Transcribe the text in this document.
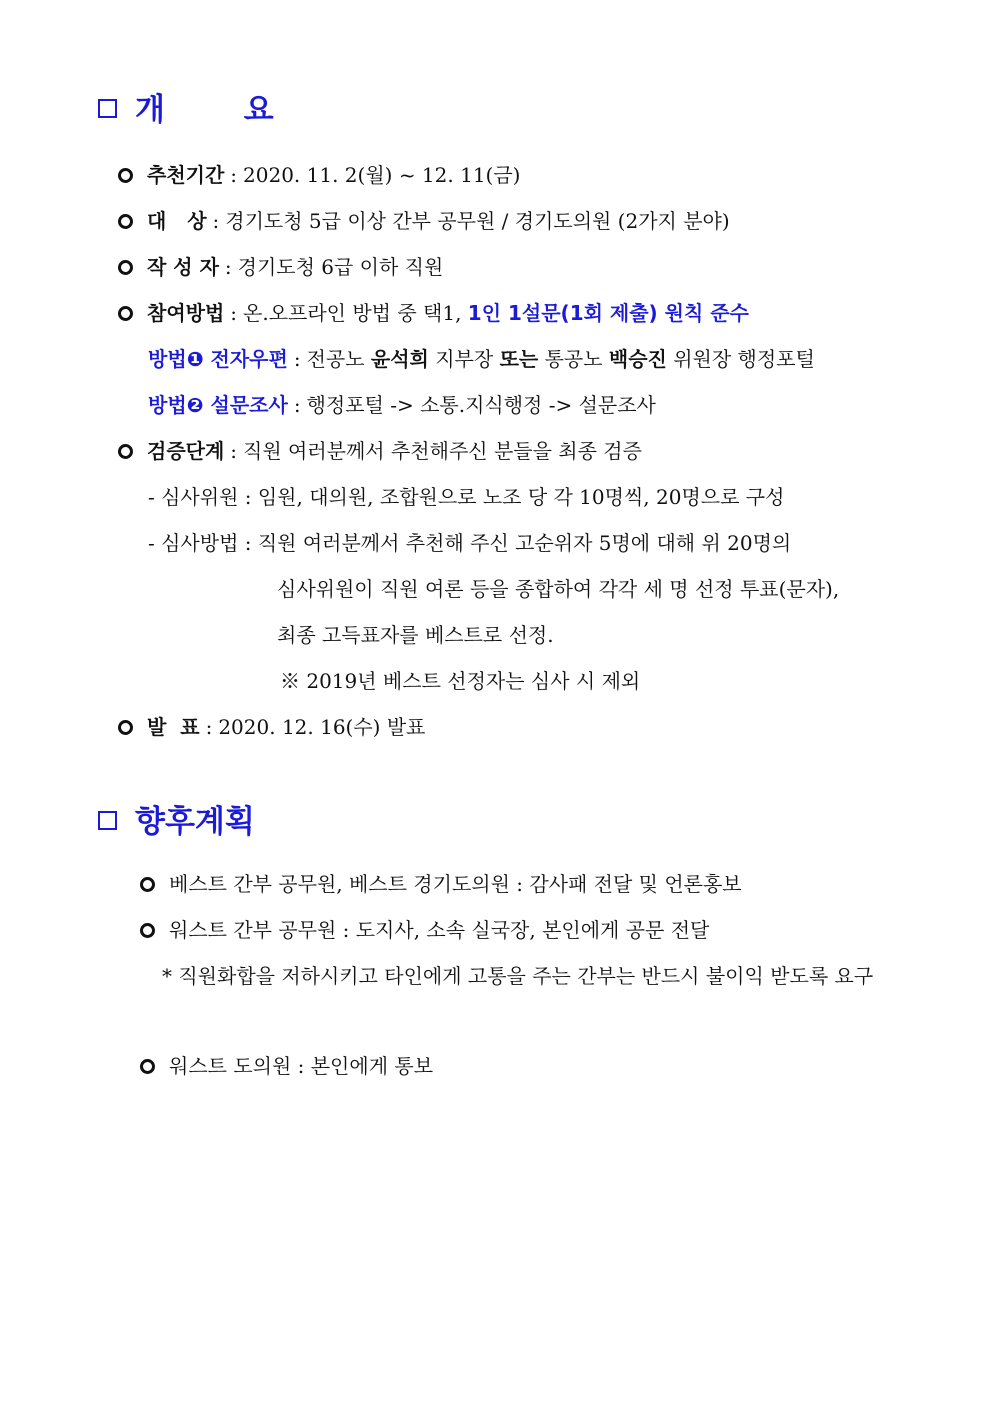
개 요
추천기간 : 2020. 11. 2(월) ~ 12. 11(금)
대   상 : 경기도청 5급 이상 간부 공무원 / 경기도의원 (2가지 분야)
작 성 자 : 경기도청 6급 이하 직원
참여방법 : 온.오프라인 방법 중 택1, 1인 1설문(1회 제출) 원칙 준수
방법❶ 전자우편 : 전공노 윤석희 지부장 또는 통공노 백승진 위원장 행정포털
방법❷ 설문조사 : 행정포털 -> 소통.지식행정 -> 설문조사
검증단계 : 직원 여러분께서 추천해주신 분들을 최종 검증
- 심사위원 : 임원, 대의원, 조합원으로 노조 당 각 10명씩, 20명으로 구성
- 심사방법 : 직원 여러분께서 추천해 주신 고순위자 5명에 대해 위 20명의
심사위원이 직원 여론 등을 종합하여 각각 세 명 선정 투표(문자),
최종 고득표자를 베스트로 선정.
※ 2019년 베스트 선정자는 심사 시 제외
발  표 : 2020. 12. 16(수) 발표
향후계획
베스트 간부 공무원, 베스트 경기도의원 : 감사패 전달 및 언론홍보
워스트 간부 공무원 : 도지사, 소속 실국장, 본인에게 공문 전달
* 직원화합을 저하시키고 타인에게 고통을 주는 간부는 반드시 불이익 받도록 요구
워스트 도의원 : 본인에게 통보
